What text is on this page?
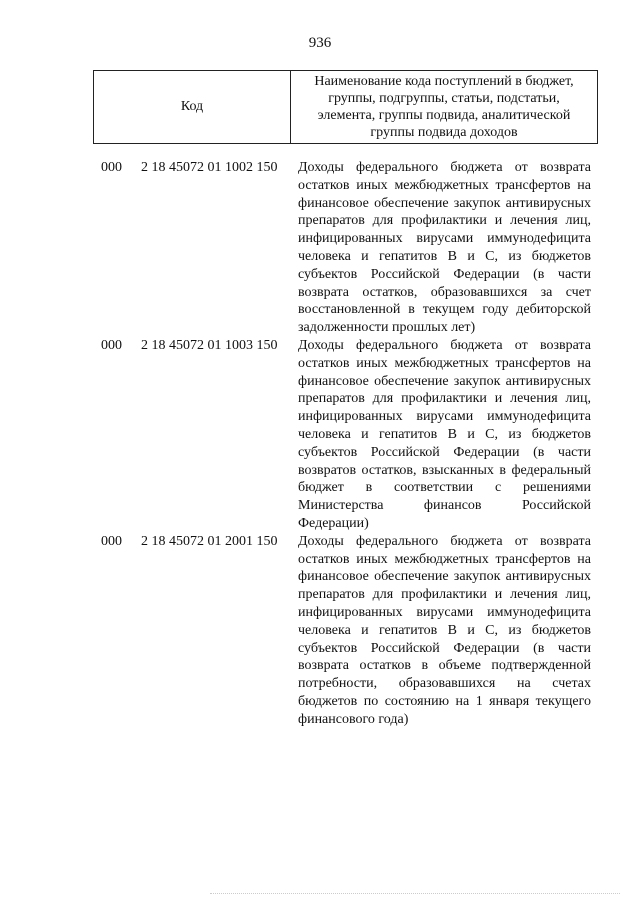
936
Код
Наименование кода поступлений в бюджет, группы, подгруппы, статьи, подстатьи, элемента, группы подвида, аналитической группы подвида доходов
000	2 18 45072 01 1002 150	Доходы федерального бюджета от возврата остатков иных межбюджетных трансфертов на финансовое обеспечение закупок антивирусных препаратов для профилактики и лечения лиц, инфицированных вирусами иммунодефицита человека и гепатитов B и C, из бюджетов субъектов Российской Федерации (в части возврата остатков, образовавшихся за счет восстановленной в текущем году дебиторской задолженности прошлых лет)
000	2 18 45072 01 1003 150	Доходы федерального бюджета от возврата остатков иных межбюджетных трансфертов на финансовое обеспечение закупок антивирусных препаратов для профилактики и лечения лиц, инфицированных вирусами иммунодефицита человека и гепатитов B и C, из бюджетов субъектов Российской Федерации (в части возвратов остатков, взысканных в федеральный бюджет в соответствии с решениями Министерства финансов Российской Федерации)
000	2 18 45072 01 2001 150	Доходы федерального бюджета от возврата остатков иных межбюджетных трансфертов на финансовое обеспечение закупок антивирусных препаратов для профилактики и лечения лиц, инфицированных вирусами иммунодефицита человека и гепатитов B и C, из бюджетов субъектов Российской Федерации (в части возврата остатков в объеме подтвержденной потребности, образовавшихся на счетах бюджетов по состоянию на 1 января текущего финансового года)
